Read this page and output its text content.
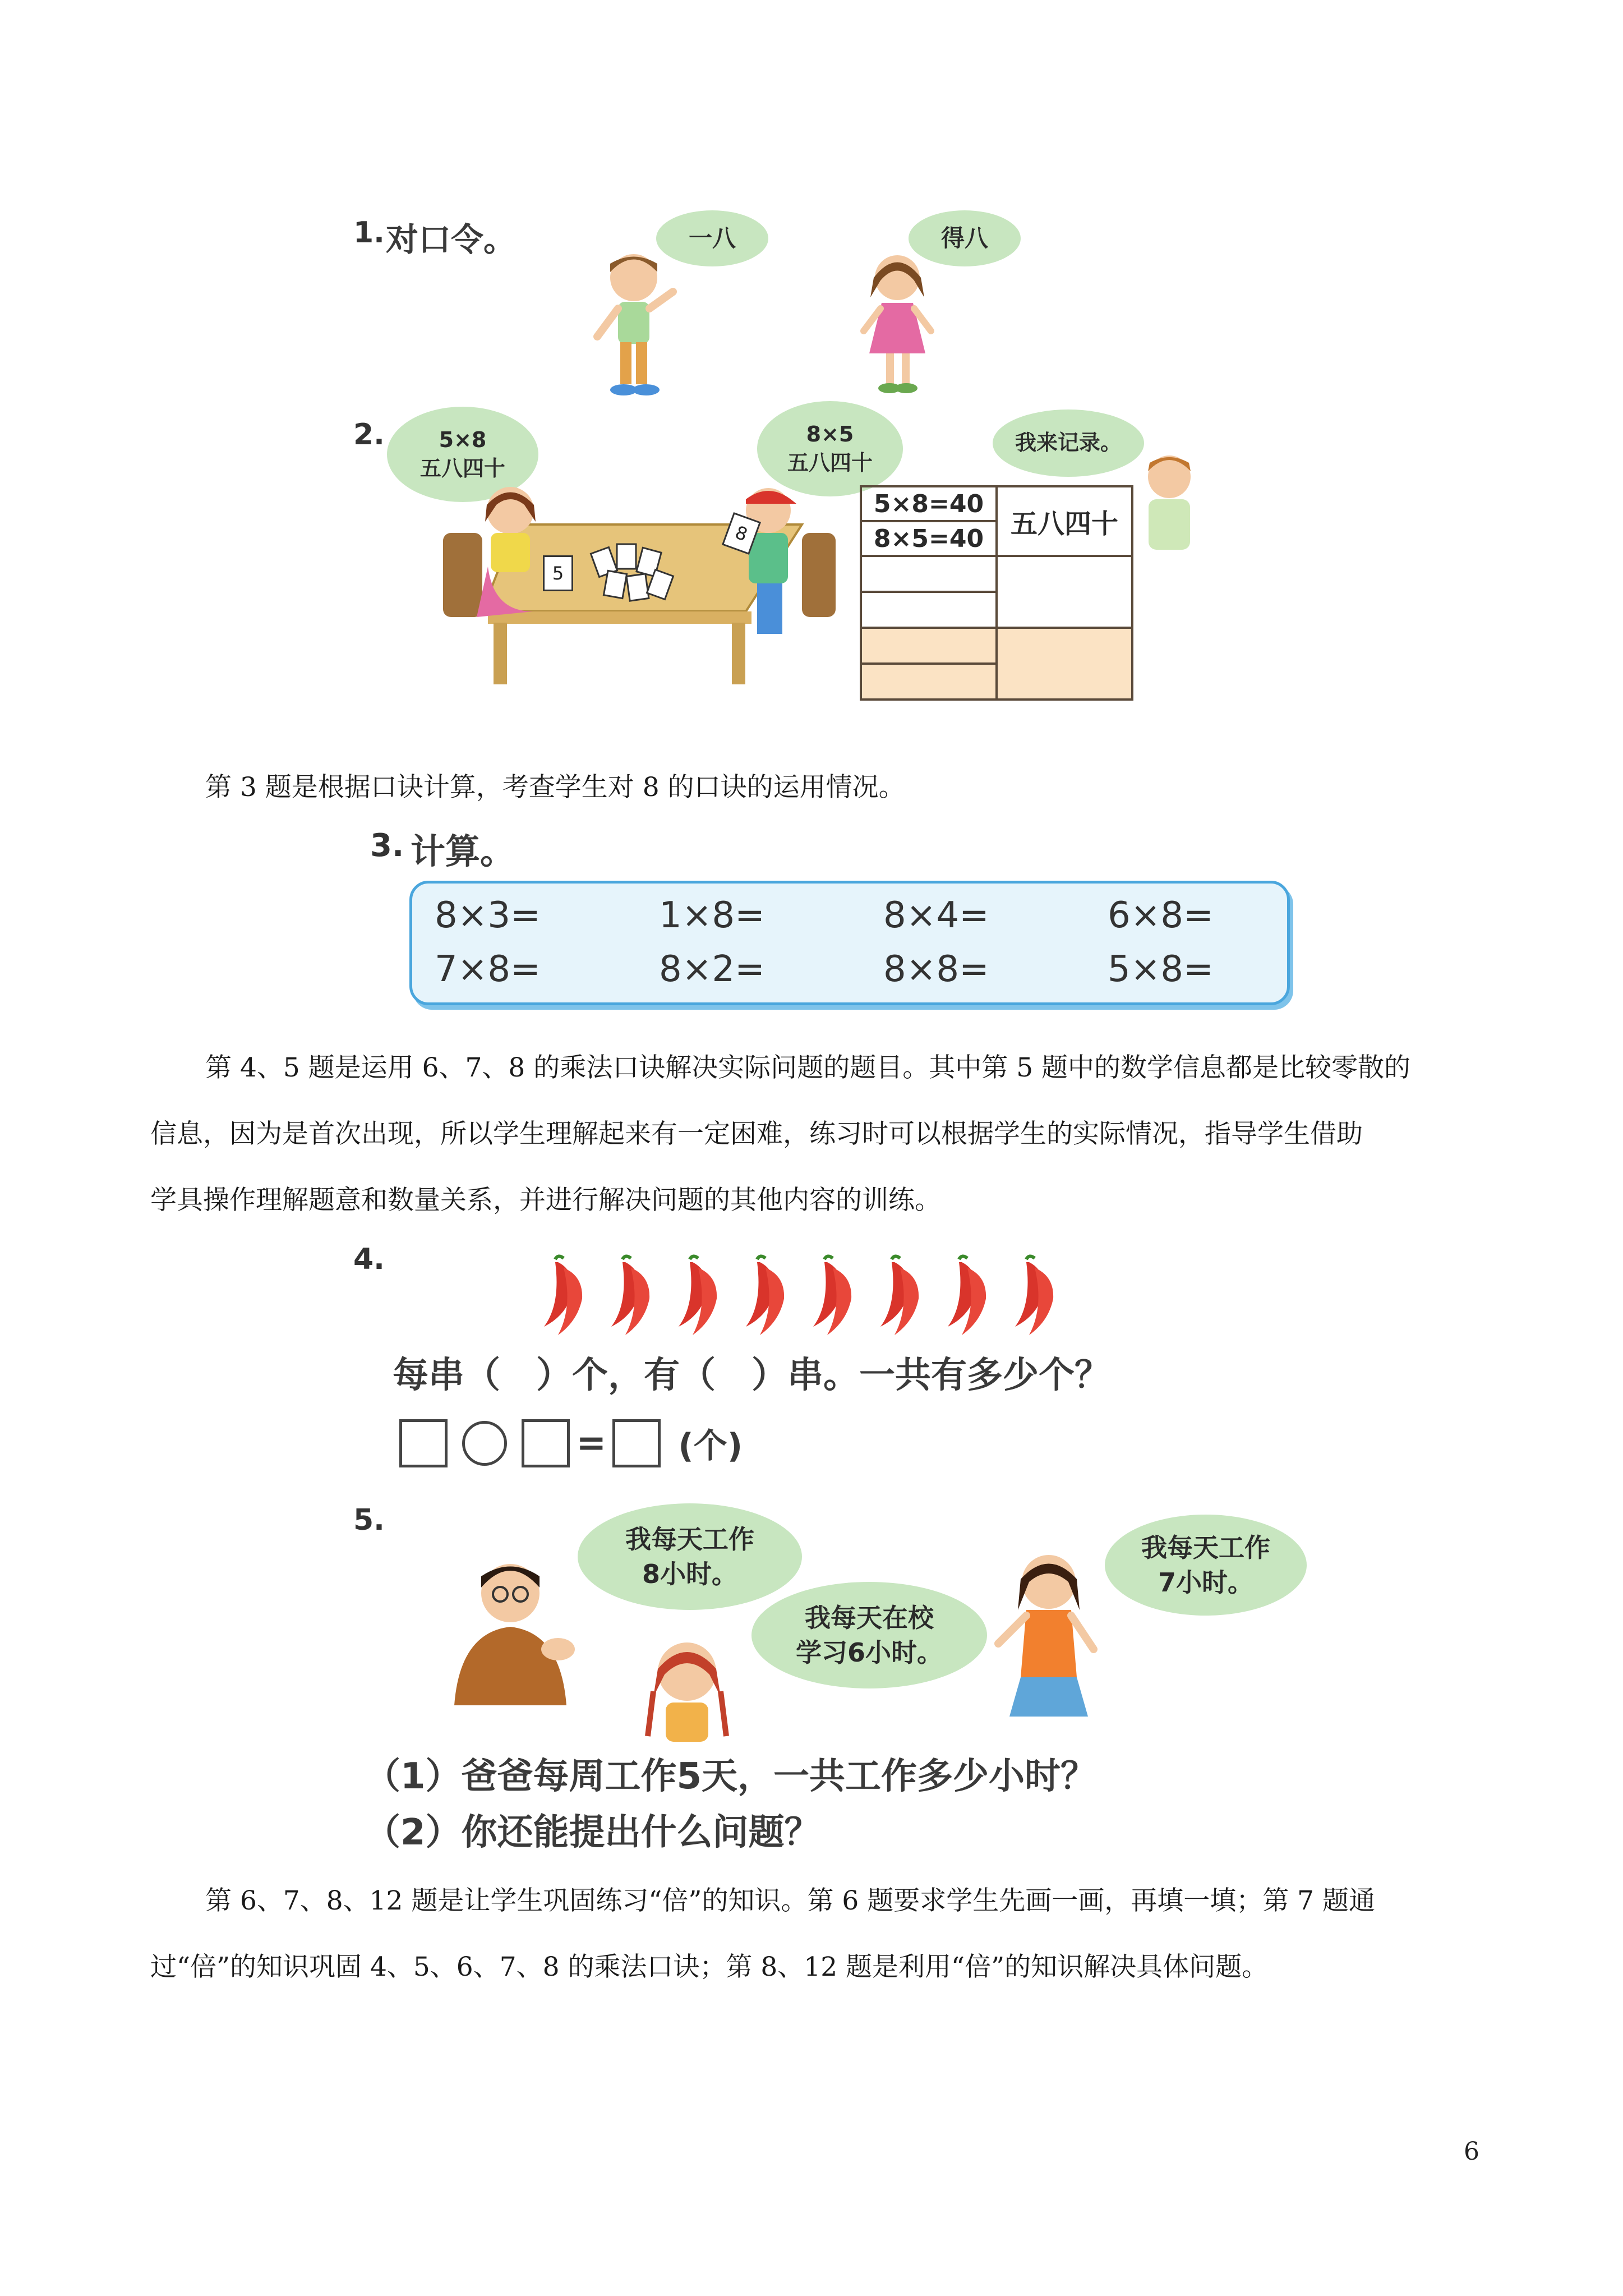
1. 对口令。	一八	得八
2.	5×8
五八四十
8×5
五八四十
我来记录。
5
8
5×8=40	五八四十

8×5=40	

第 3 题是根据口诀计算，考查学生对 8 的口诀的运用情况。
3. 计算。
8×3=	1×8=	8×4=	6×8=
7×8=	8×2=	8×8=	5×8=
第 4、5 题是运用 6、7、8 的乘法口诀解决实际问题的题目。其中第 5 题中的数学信息都是比较零散的
信息，因为是首次出现，所以学生理解起来有一定困难，练习时可以根据学生的实际情况，指导学生借助
学具操作理解题意和数量关系，并进行解决问题的其他内容的训练。
4.
每串（　）个，有（　）串。一共有多少个？
= (个)
5.
我每天工作
8小时。
我每天在校
学习6小时。
我每天工作
7小时。
（1）爸爸每周工作5天，一共工作多少小时？
（2）你还能提出什么问题？
第 6、7、8、12 题是让学生巩固练习“倍”的知识。第 6 题要求学生先画一画，再填一填；第 7 题通
过“倍”的知识巩固 4、5、6、7、8 的乘法口诀；第 8、12 题是利用“倍”的知识解决具体问题。
6
